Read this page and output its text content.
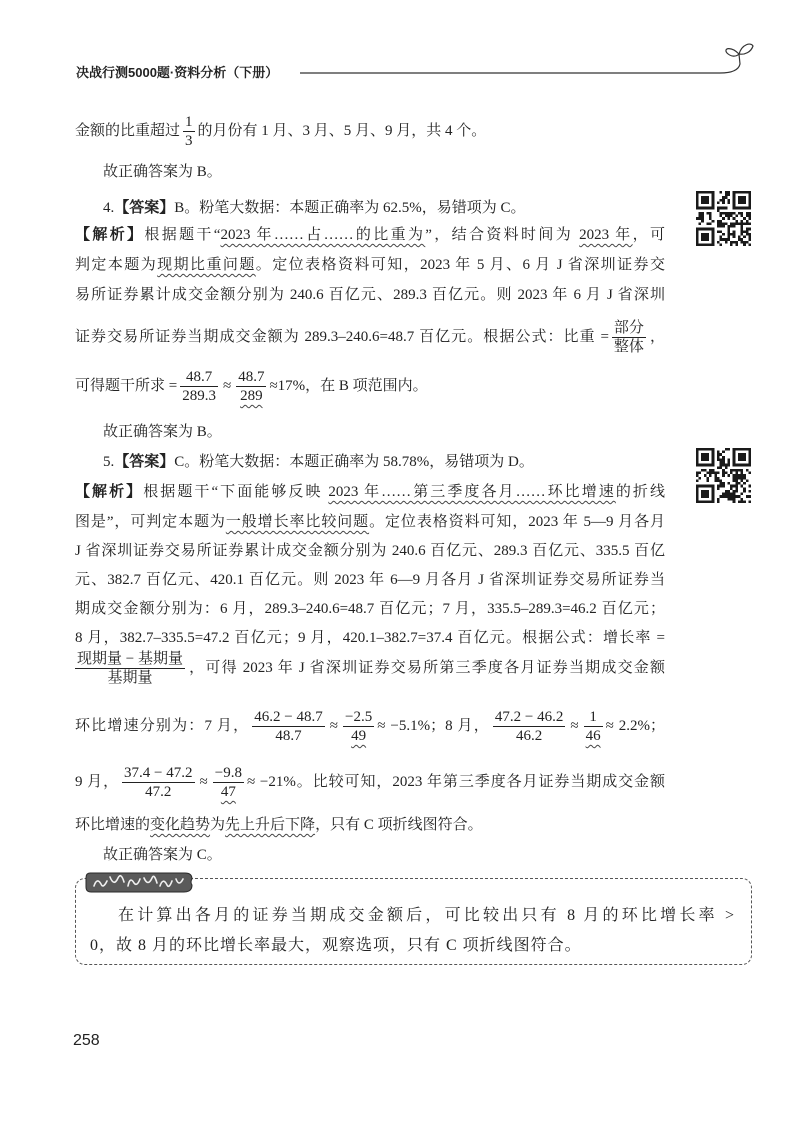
决战行测5000题·资料分析（下册）
金额的比重超过 $\frac{1}{3}$ 的月份有 1 月、3 月、5 月、9 月，共 4 个。
故正确答案为 B。
4.【答案】B。粉笔大数据：本题正确率为 62.5%，易错项为 C。
【解析】根据题干“2023 年……占……的比重为”，结合资料时间为 2023 年，可
判定本题为现期比重问题。定位表格资料可知，2023 年 5 月、6 月 J 省深圳证券交
易所证券累计成交金额分别为 240.6 百亿元、289.3 百亿元。则 2023 年 6 月 J 省深圳
证券交易所证券当期成交金额为 289.3–240.6=48.7 百亿元。根据公式：比重 = $\frac{\text{部分}}{\text{整体}}$ ，
可得题干所求 = $\frac{48.7}{289.3} \approx \frac{48.7}{289} \approx 17\%$，在 B 项范围内。
故正确答案为 B。
5.【答案】C。粉笔大数据：本题正确率为 58.78%，易错项为 D。
【解析】根据题干“下面能够反映 2023 年……第三季度各月……环比增速的折线
图是”，可判定本题为一般增长率比较问题。定位表格资料可知，2023 年 5—9 月各月
J 省深圳证券交易所证券累计成交金额分别为 240.6 百亿元、289.3 百亿元、335.5 百亿
元、382.7 百亿元、420.1 百亿元。则 2023 年 6—9 月各月 J 省深圳证券交易所证券当
期成交金额分别为：6 月，289.3–240.6=48.7 百亿元；7 月，335.5–289.3=46.2 百亿元；
8 月，382.7–335.5=47.2 百亿元；9 月，420.1–382.7=37.4 百亿元。根据公式：增长率 =
$\frac{\text{现期量 − 基期量}}{\text{基期量}}$ ，可得 2023 年 J 省深圳证券交易所第三季度各月证券当期成交金额
环比增速分别为：7 月， $\frac{46.2 - 48.7}{48.7} \approx \frac{-2.5}{49} \approx -5.1\%$；8 月， $\frac{47.2 - 46.2}{46.2} \approx \frac{1}{46} \approx 2.2\%$；
9 月， $\frac{37.4 - 47.2}{47.2} \approx \frac{-9.8}{47} \approx -21\%$。比较可知，2023 年第三季度各月证券当期成交金额
环比增速的变化趋势为先上升后下降，只有 C 项折线图符合。
故正确答案为 C。
在计算出各月的证券当期成交金额后，可比较出只有 8 月的环比增长率 >
0，故 8 月的环比增长率最大，观察选项，只有 C 项折线图符合。
258
